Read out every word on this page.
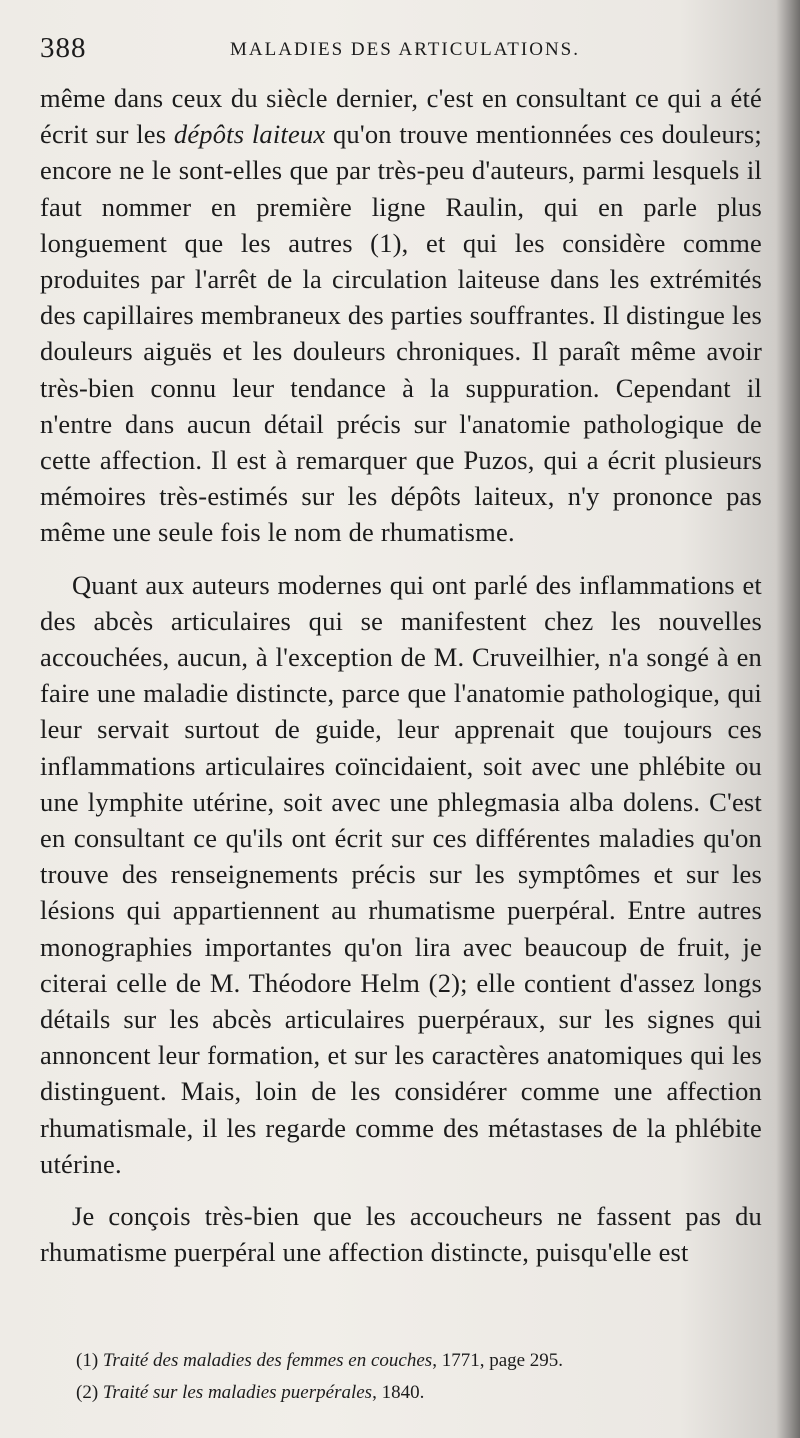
388	MALADIES DES ARTICULATIONS.

même dans ceux du siècle dernier, c'est en consultant ce qui a été écrit sur les dépôts laiteux qu'on trouve mentionnées ces douleurs; encore ne le sont-elles que par très-peu d'auteurs, parmi lesquels il faut nommer en première ligne Raulin, qui en parle plus longuement que les autres (1), et qui les considère comme produites par l'arrêt de la circulation laiteuse dans les extrémités des capillaires membraneux des parties souffrantes. Il distingue les douleurs aiguës et les douleurs chroniques. Il paraît même avoir très-bien connu leur tendance à la suppuration. Cependant il n'entre dans aucun détail précis sur l'anatomie pathologique de cette affection. Il est à remarquer que Puzos, qui a écrit plusieurs mémoires très-estimés sur les dépôts laiteux, n'y prononce pas même une seule fois le nom de rhumatisme.

Quant aux auteurs modernes qui ont parlé des inflammations et des abcès articulaires qui se manifestent chez les nouvelles accouchées, aucun, à l'exception de M. Cruveilhier, n'a songé à en faire une maladie distincte, parce que l'anatomie pathologique, qui leur servait surtout de guide, leur apprenait que toujours ces inflammations articulaires coïncidaient, soit avec une phlébite ou une lymphite utérine, soit avec une phlegmasia alba dolens. C'est en consultant ce qu'ils ont écrit sur ces différentes maladies qu'on trouve des renseignements précis sur les symptômes et sur les lésions qui appartiennent au rhumatisme puerpéral. Entre autres monographies importantes qu'on lira avec beaucoup de fruit, je citerai celle de M. Théodore Helm (2); elle contient d'assez longs détails sur les abcès articulaires puerpéraux, sur les signes qui annoncent leur formation, et sur les caractères anatomiques qui les distinguent. Mais, loin de les considérer comme une affection rhumatismale, il les regarde comme des métastases de la phlébite utérine.

Je conçois très-bien que les accoucheurs ne fassent pas du rhumatisme puerpéral une affection distincte, puisqu'elle est

(1) Traité des maladies des femmes en couches, 1771, page 295.
(2) Traité sur les maladies puerpérales, 1840.
